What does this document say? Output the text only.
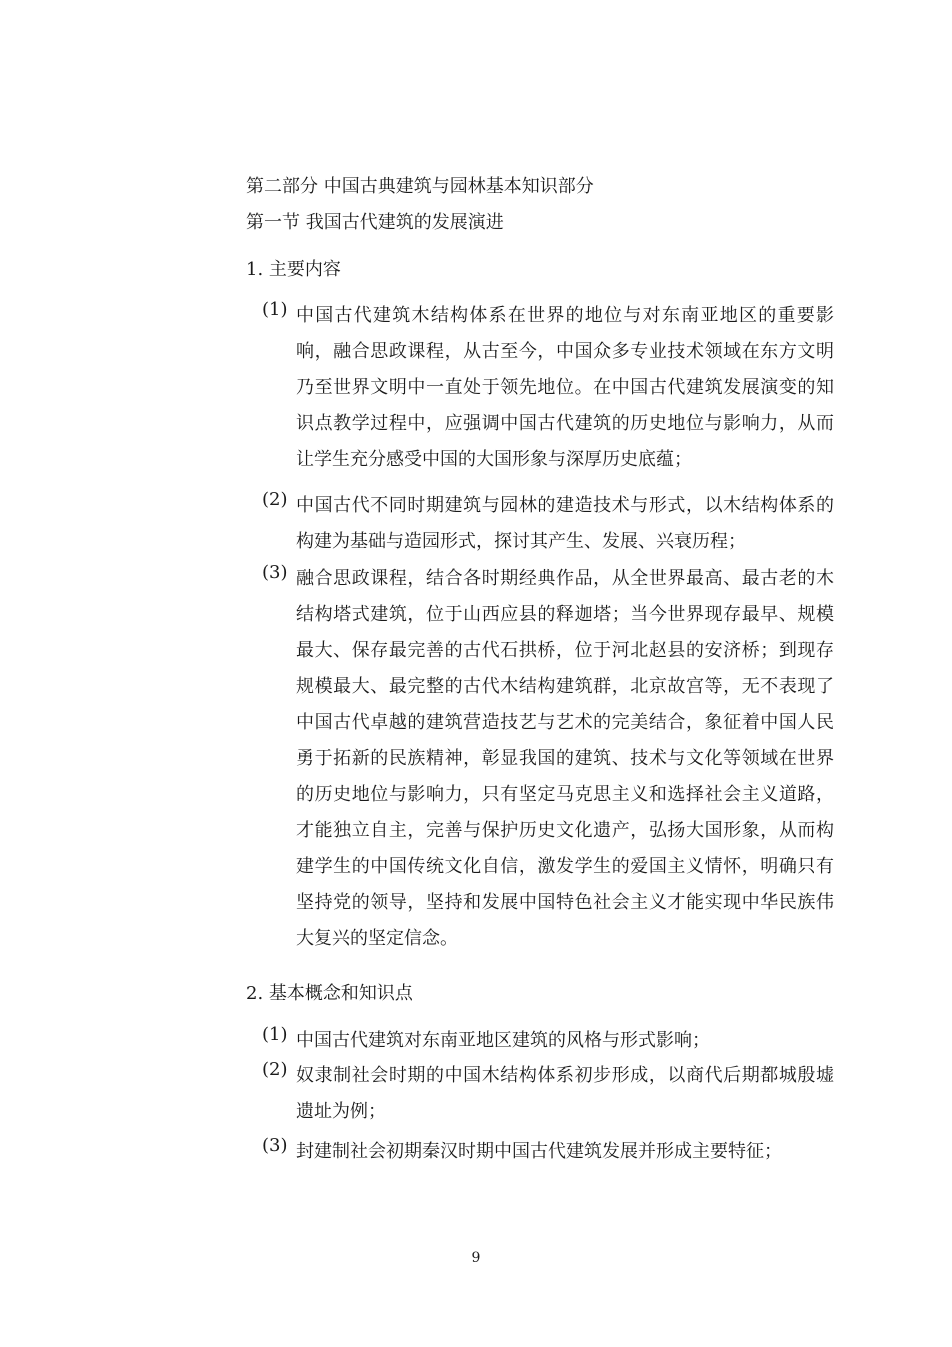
第二部分 中国古典建筑与园林基本知识部分
第一节 我国古代建筑的发展演进
1. 主要内容
(1) 中国古代建筑木结构体系在世界的地位与对东南亚地区的重要影响，融合思政课程，从古至今，中国众多专业技术领域在东方文明乃至世界文明中一直处于领先地位。在中国古代建筑发展演变的知识点教学过程中，应强调中国古代建筑的历史地位与影响力，从而让学生充分感受中国的大国形象与深厚历史底蕴；
(2) 中国古代不同时期建筑与园林的建造技术与形式，以木结构体系的构建为基础与造园形式，探讨其产生、发展、兴衰历程；
(3) 融合思政课程，结合各时期经典作品，从全世界最高、最古老的木结构塔式建筑，位于山西应县的释迦塔；当今世界现存最早、规模最大、保存最完善的古代石拱桥，位于河北赵县的安济桥；到现存规模最大、最完整的古代木结构建筑群，北京故宫等，无不表现了中国古代卓越的建筑营造技艺与艺术的完美结合，象征着中国人民勇于拓新的民族精神，彰显我国的建筑、技术与文化等领域在世界的历史地位与影响力，只有坚定马克思主义和选择社会主义道路，才能独立自主，完善与保护历史文化遗产，弘扬大国形象，从而构建学生的中国传统文化自信，激发学生的爱国主义情怀，明确只有坚持党的领导，坚持和发展中国特色社会主义才能实现中华民族伟大复兴的坚定信念。
2. 基本概念和知识点
(1) 中国古代建筑对东南亚地区建筑的风格与形式影响；
(2) 奴隶制社会时期的中国木结构体系初步形成，以商代后期都城殷墟遗址为例；
(3) 封建制社会初期秦汉时期中国古代建筑发展并形成主要特征；
9
